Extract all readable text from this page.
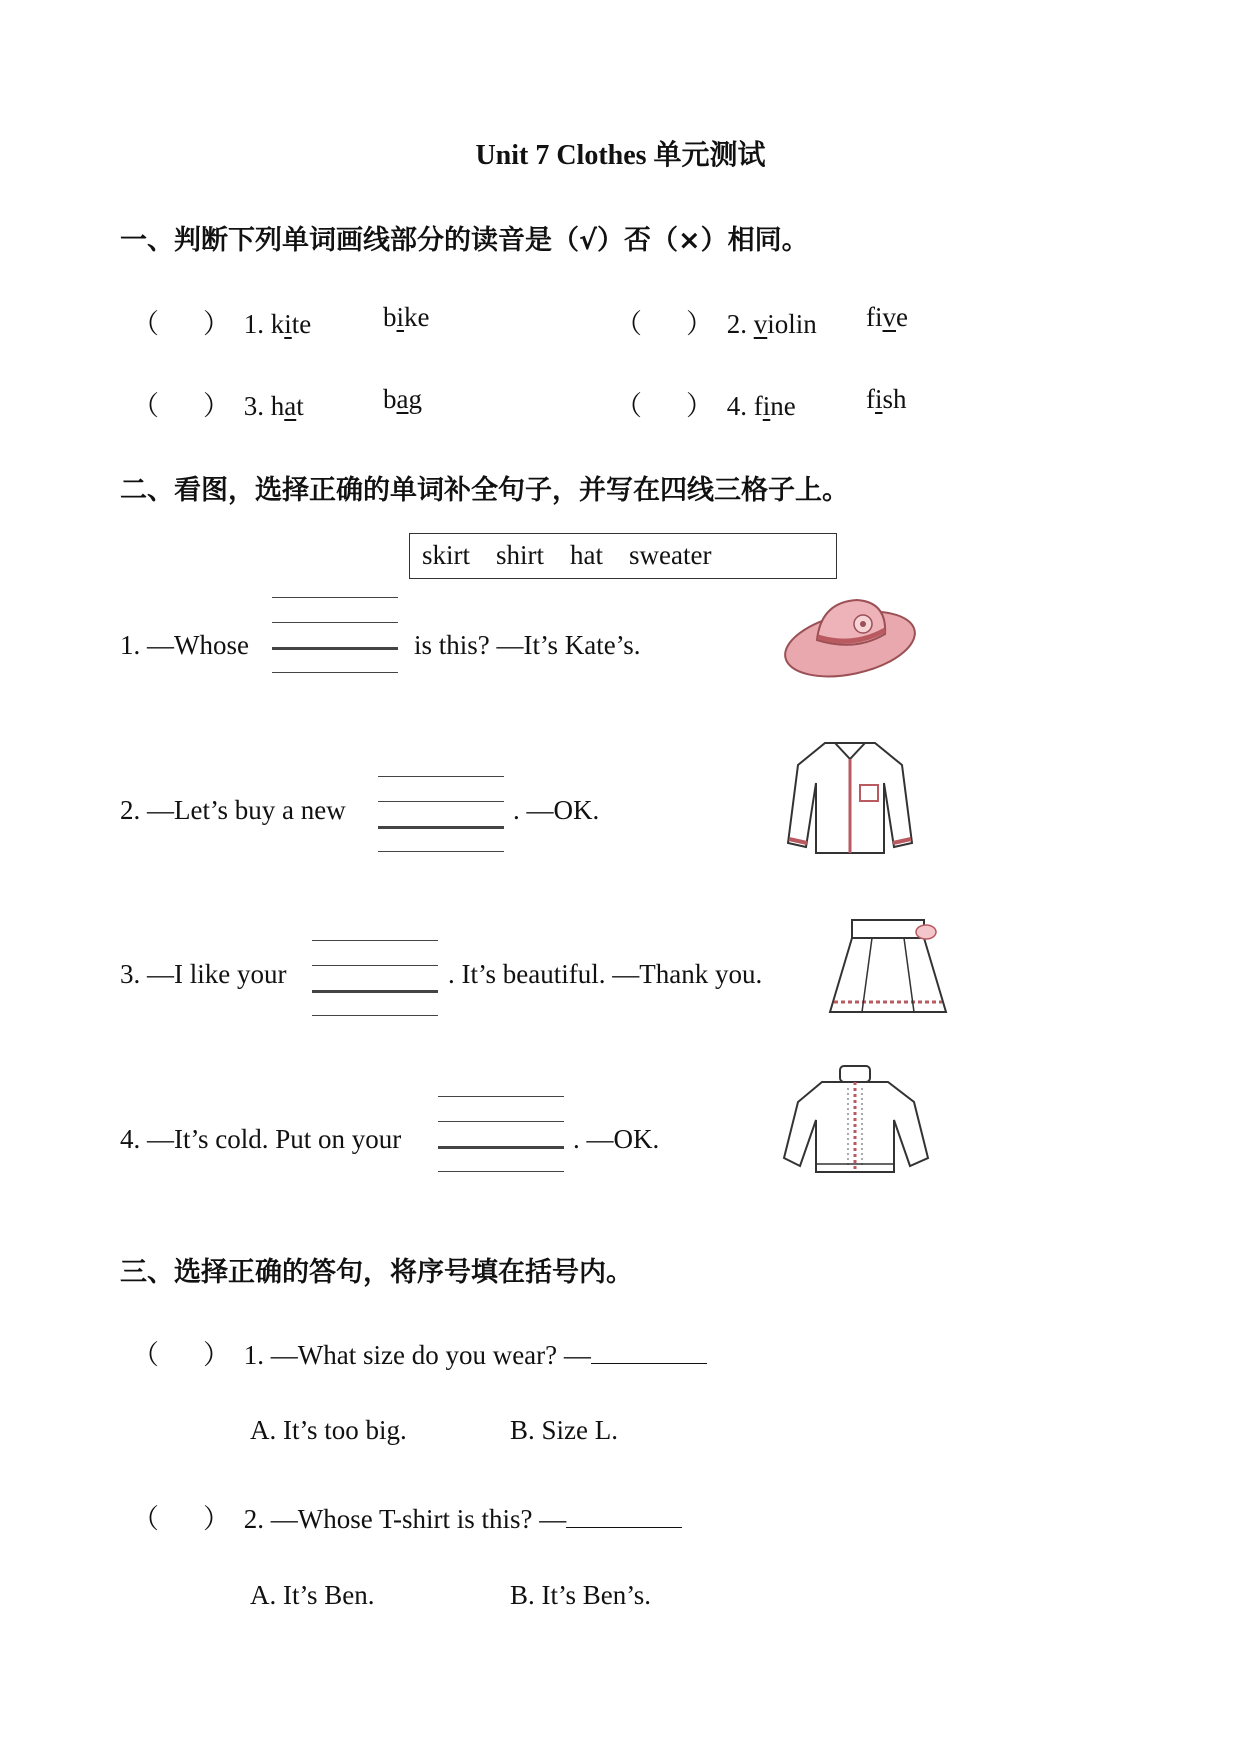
Unit 7 Clothes 单元测试
一、判断下列单词画线部分的读音是（√）否（×）相同。
（ ） 1. kite	bike	（ ） 2. violin five
（ ） 3. hat	bag	（ ） 4. fine	fish
二、看图，选择正确的单词补全句子，并写在四线三格子上。
skirt shirt hat sweater
1. —Whose	is this? —It’s Kate’s.
2. —Let’s buy a new	. —OK.
3. —I like your	. It’s beautiful. —Thank you.
4. —It’s cold. Put on your	. —OK.
三、选择正确的答句，将序号填在括号内。
（ ） 1. —What size do you wear? —
A. It’s too big.	B. Size L.
（ ） 2. —Whose T-shirt is this? —
A. It’s Ben.	B. It’s Ben’s.
